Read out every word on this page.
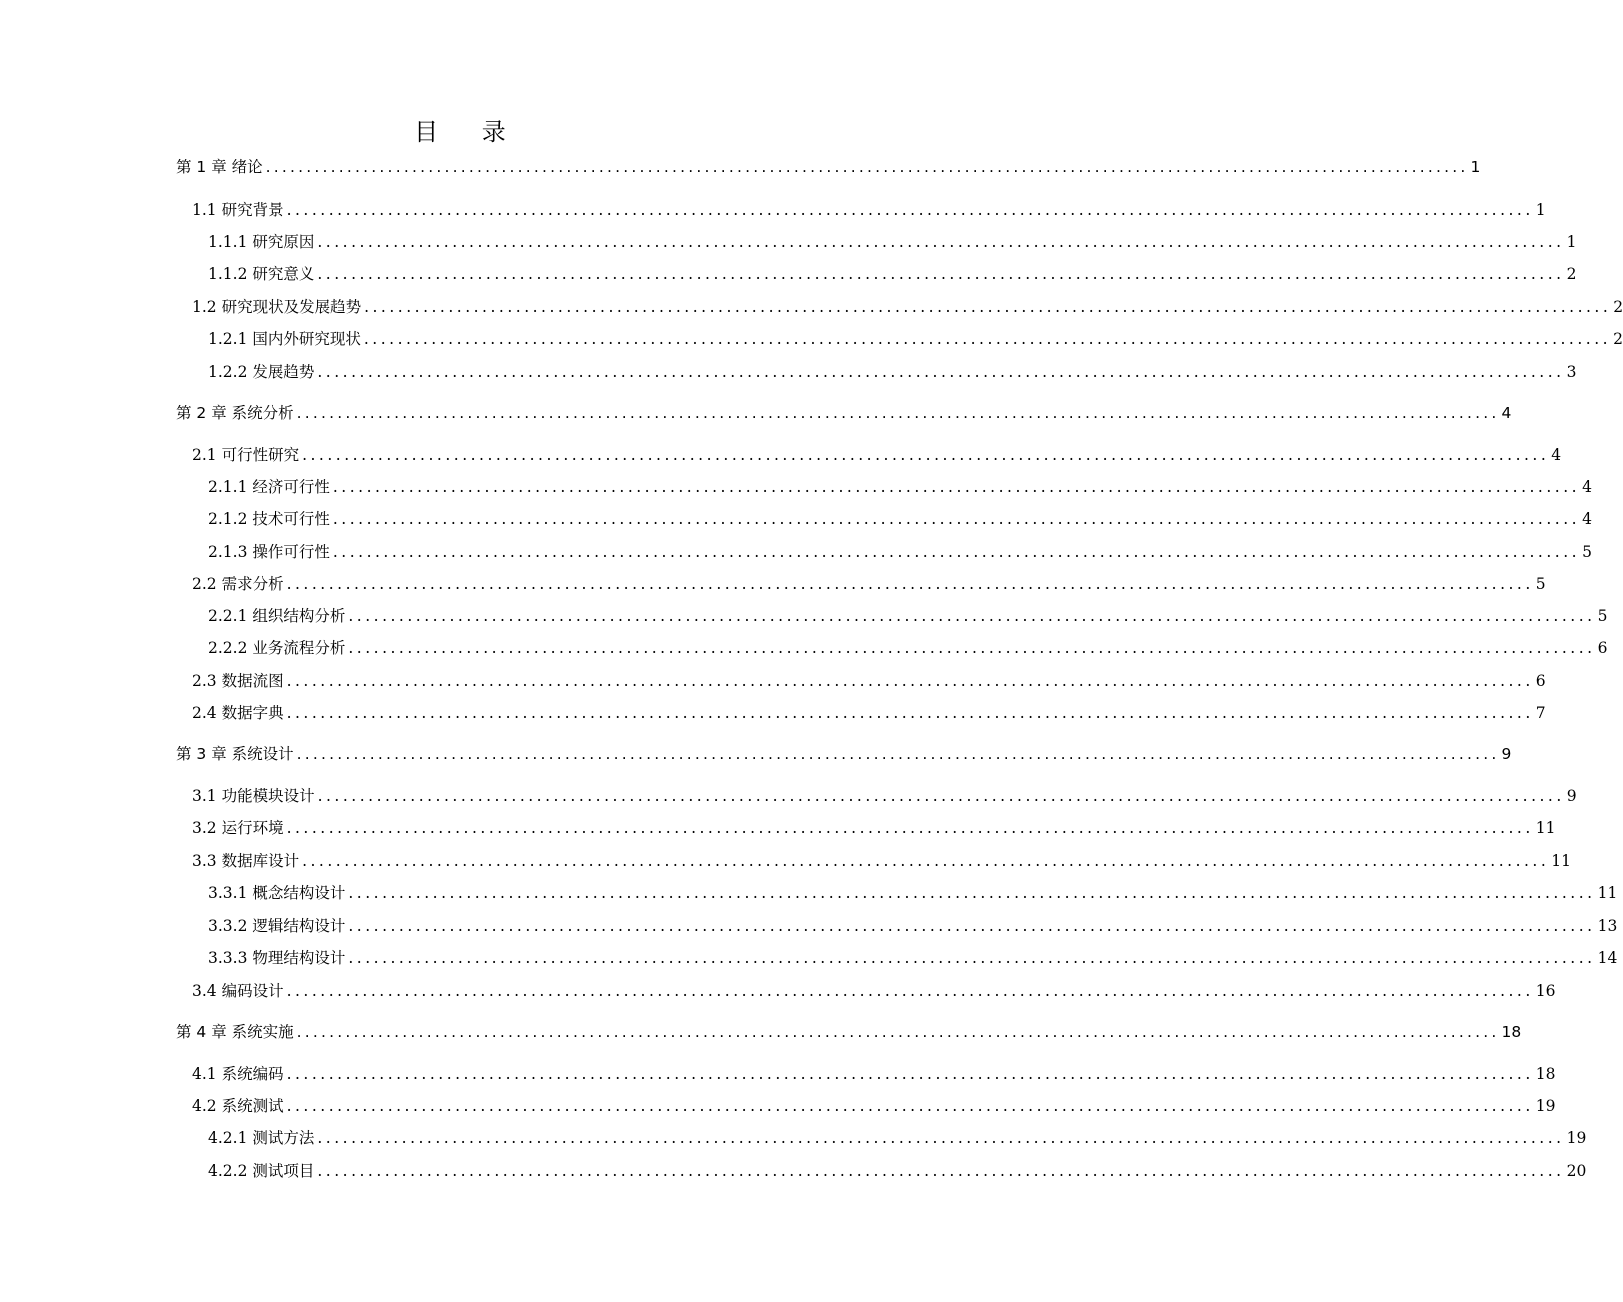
目 录
第 1 章 绪论 .................................................................................................................................................... 1
1.1 研究背景 .................................................................................................................................................... 1
1.1.1 研究原因 .................................................................................................................................................... 1
1.1.2 研究意义 .................................................................................................................................................... 2
1.2 研究现状及发展趋势 .................................................................................................................................................... 2
1.2.1 国内外研究现状 .................................................................................................................................................... 2
1.2.2 发展趋势 .................................................................................................................................................... 3
第 2 章 系统分析 .................................................................................................................................................... 4
2.1 可行性研究 .................................................................................................................................................... 4
2.1.1 经济可行性 .................................................................................................................................................... 4
2.1.2 技术可行性 .................................................................................................................................................... 4
2.1.3 操作可行性 .................................................................................................................................................... 5
2.2 需求分析 .................................................................................................................................................... 5
2.2.1 组织结构分析 .................................................................................................................................................... 5
2.2.2 业务流程分析 .................................................................................................................................................... 6
2.3 数据流图 .................................................................................................................................................... 6
2.4 数据字典 .................................................................................................................................................... 7
第 3 章 系统设计 .................................................................................................................................................... 9
3.1 功能模块设计 .................................................................................................................................................... 9
3.2 运行环境 .................................................................................................................................................... 11
3.3 数据库设计 .................................................................................................................................................... 11
3.3.1 概念结构设计 .................................................................................................................................................... 11
3.3.2 逻辑结构设计 .................................................................................................................................................... 13
3.3.3 物理结构设计 .................................................................................................................................................... 14
3.4 编码设计 .................................................................................................................................................... 16
第 4 章 系统实施 .................................................................................................................................................... 18
4.1 系统编码 .................................................................................................................................................... 18
4.2 系统测试 .................................................................................................................................................... 19
4.2.1 测试方法 .................................................................................................................................................... 19
4.2.2 测试项目 .................................................................................................................................................... 20
